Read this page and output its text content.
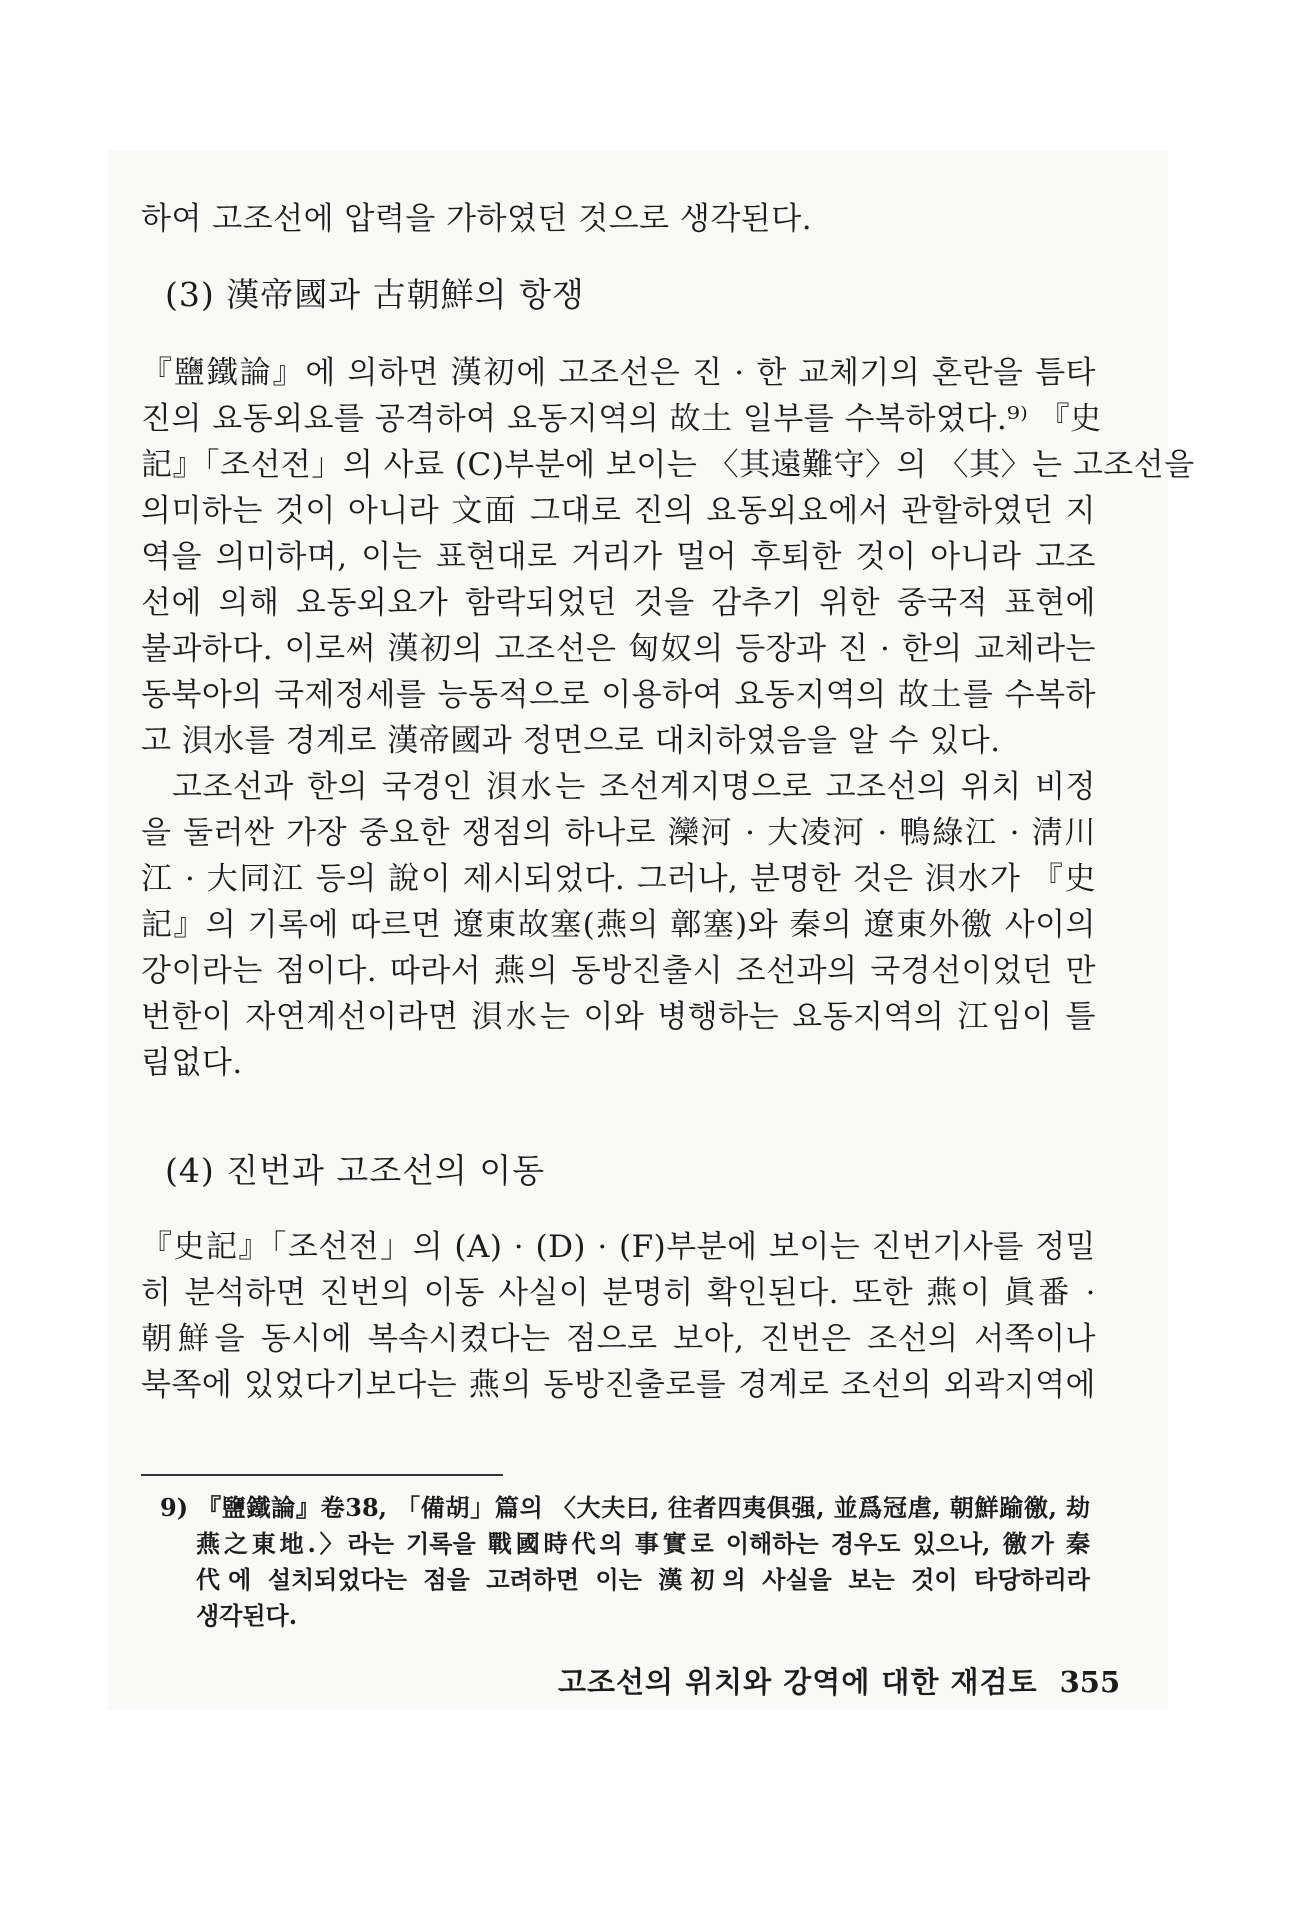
하여 고조선에 압력을 가하였던 것으로 생각된다.
(3) 漢帝國과 古朝鮮의 항쟁
『鹽鐵論』에 의하면 漢初에 고조선은 진 · 한 교체기의 혼란을 틈타
진의 요동외요를 공격하여 요동지역의 故土 일부를 수복하였다.⁹⁾ 『史
記』「조선전」의 사료 (C)부분에 보이는 〈其遠難守〉의 〈其〉는 고조선을
의미하는 것이 아니라 文面 그대로 진의 요동외요에서 관할하였던 지
역을 의미하며, 이는 표현대로 거리가 멀어 후퇴한 것이 아니라 고조
선에 의해 요동외요가 함락되었던 것을 감추기 위한 중국적 표현에
불과하다. 이로써 漢初의 고조선은 匈奴의 등장과 진 · 한의 교체라는
동북아의 국제정세를 능동적으로 이용하여 요동지역의 故土를 수복하
고 浿水를 경계로 漢帝國과 정면으로 대치하였음을 알 수 있다.
고조선과 한의 국경인 浿水는 조선계지명으로 고조선의 위치 비정
을 둘러싼 가장 중요한 쟁점의 하나로 灤河 · 大凌河 · 鴨綠江 · 淸川
江 · 大同江 등의 說이 제시되었다. 그러나, 분명한 것은 浿水가 『史
記』의 기록에 따르면 遼東故塞(燕의 鄣塞)와 秦의 遼東外徼 사이의
강이라는 점이다. 따라서 燕의 동방진출시 조선과의 국경선이었던 만
번한이 자연계선이라면 浿水는 이와 병행하는 요동지역의 江임이 틀
림없다.
(4) 진번과 고조선의 이동
『史記』「조선전」의 (A) · (D) · (F)부분에 보이는 진번기사를 정밀
히 분석하면 진번의 이동 사실이 분명히 확인된다. 또한 燕이 眞番 ·
朝鮮을 동시에 복속시켰다는 점으로 보아, 진번은 조선의 서쪽이나
북쪽에 있었다기보다는 燕의 동방진출로를 경계로 조선의 외곽지역에
9) 『鹽鐵論』卷38, 「備胡」篇의 〈大夫曰, 往者四夷俱强, 並爲冠虐, 朝鮮踰徼, 劫
燕之東地.〉라는 기록을 戰國時代의 事實로 이해하는 경우도 있으나, 徼가 秦
代에 설치되었다는 점을 고려하면 이는 漢初의 사실을 보는 것이 타당하리라
생각된다.
고조선의 위치와 강역에 대한 재검토 355
